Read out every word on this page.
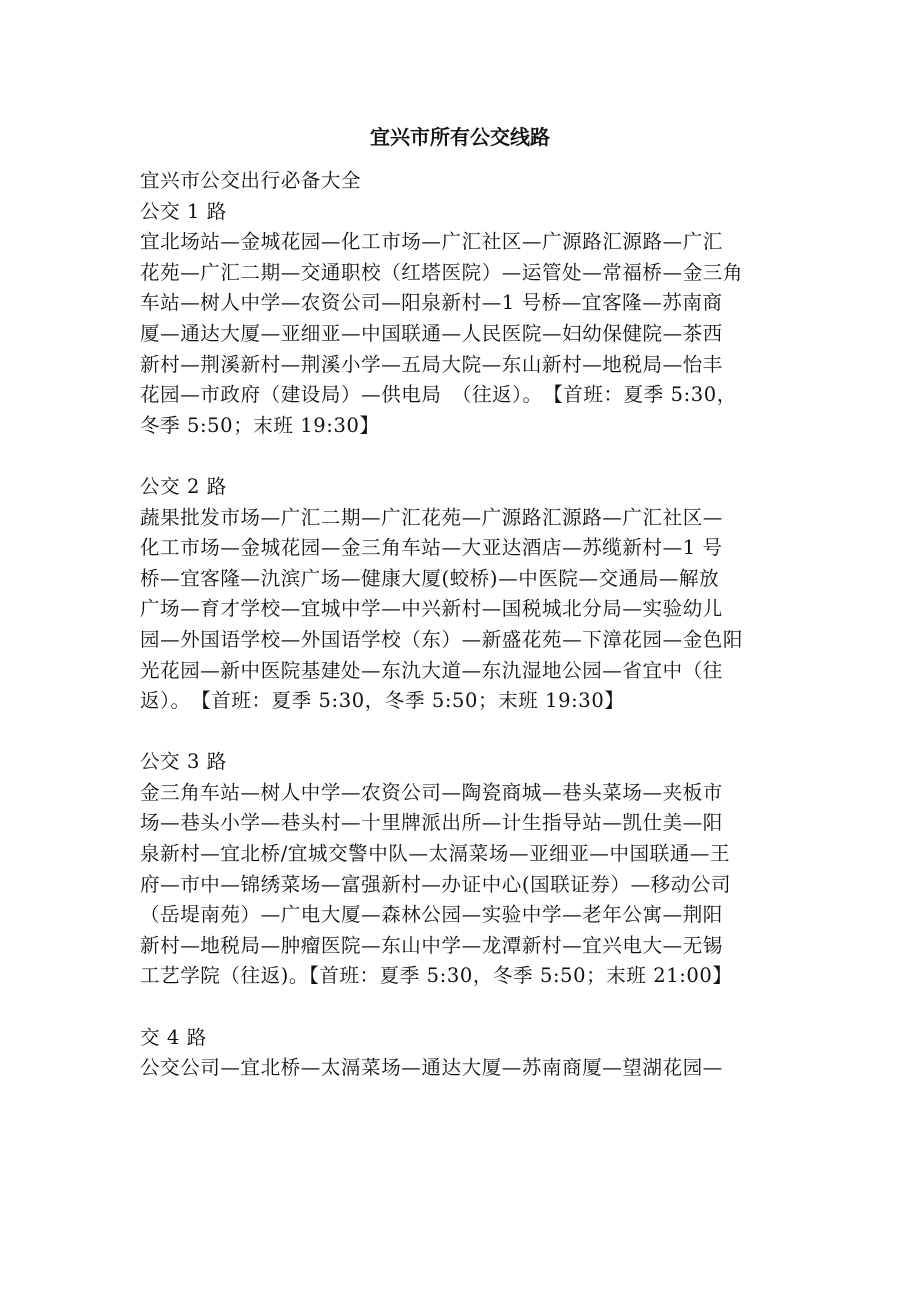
宜兴市所有公交线路
宜兴市公交出行必备大全
公交 1 路
宜北场站—金城花园—化工市场—广汇社区—广源路汇源路—广汇
花苑—广汇二期—交通职校（红塔医院）—运管处—常福桥—金三角
车站—树人中学—农资公司—阳泉新村—1 号桥—宜客隆—苏南商
厦—通达大厦—亚细亚—中国联通—人民医院—妇幼保健院—茶西
新村—荆溪新村—荆溪小学—五局大院—东山新村—地税局—怡丰
花园—市政府（建设局）—供电局　（往返）。　【首班：夏季 5:30，
冬季 5:50；末班 19:30】
公交 2 路
蔬果批发市场—广汇二期—广汇花苑—广源路汇源路—广汇社区—
化工市场—金城花园—金三角车站—大亚达酒店—苏缆新村—1 号
桥—宜客隆—氿滨广场—健康大厦(蛟桥)—中医院—交通局—解放
广场—育才学校—宜城中学—中兴新村—国税城北分局—实验幼儿
园—外国语学校—外国语学校（东）—新盛花苑—下漳花园—金色阳
光花园—新中医院基建处—东氿大道—东氿湿地公园—省宜中（往
返）。　【首班：夏季 5:30，冬季 5:50；末班 19:30】
公交 3 路
金三角车站—树人中学—农资公司—陶瓷商城—巷头菜场—夹板市
场—巷头小学—巷头村—十里牌派出所—计生指导站—凯仕美—阳
泉新村—宜北桥/宜城交警中队—太滆菜场—亚细亚—中国联通—王
府—市中—锦绣菜场—富强新村—办证中心(国联证券）—移动公司
（岳堤南苑）—广电大厦—森林公园—实验中学—老年公寓—荆阳
新村—地税局—肿瘤医院—东山中学—龙潭新村—宜兴电大—无锡
工艺学院（往返)。【首班：夏季 5:30，冬季 5:50；末班 21:00】
交 4 路
公交公司—宜北桥—太滆菜场—通达大厦—苏南商厦—望湖花园—
